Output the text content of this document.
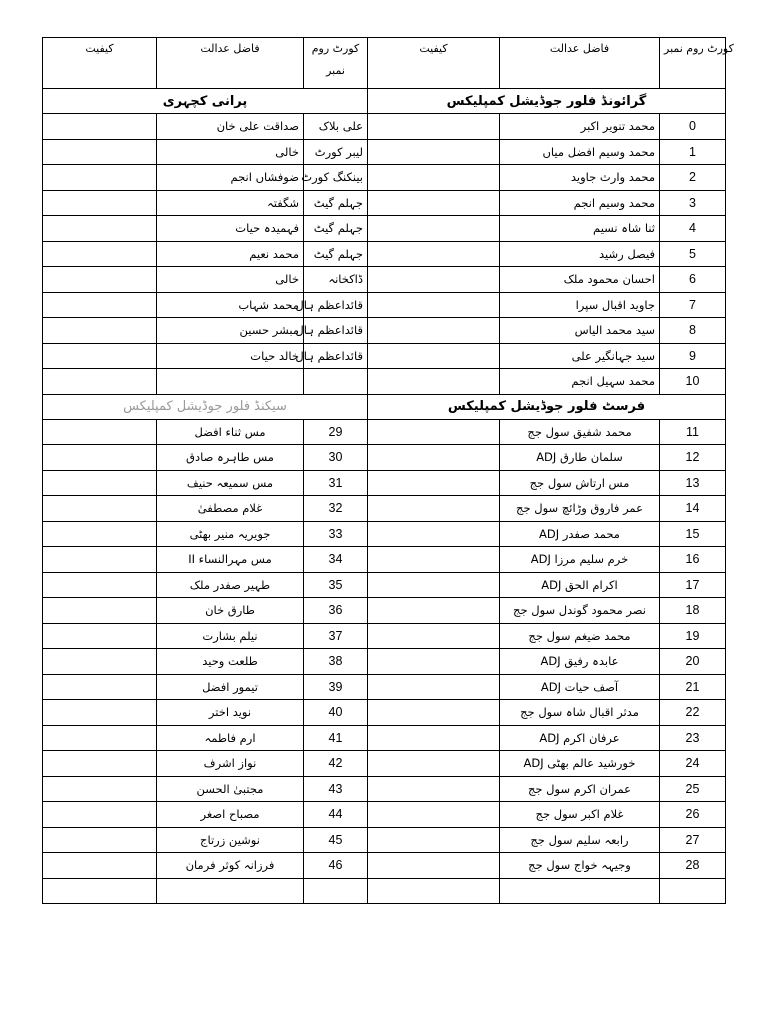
کیفیت	فاضل عدالت	کورٹ روم نمبر	کیفیت	فاضل عدالت	کورٹ روم نمبر
پرانی کچہری			گرائونڈ فلور جوڈیشل کمپلیکس		
	صداقت علی خان	علی بلاک		محمد تنویر اکبر	0
	خالی	لیبر کورٹ		محمد وسیم افضل میاں	1
	ضوفشاں انجم	بینکنگ کورٹ		محمد وارث جاوید	2
	شگفتہ	جہلم گیٹ		محمد وسیم انجم	3
	فہمیدہ حیات	جہلم گیٹ		ثنا شاہ نسیم	4
	محمد نعیم	جہلم گیٹ		فیصل رشید	5
	خالی	ڈاکخانہ		احسان محمود ملک	6
	محمد شہاب	قائداعظم ہال		جاوید اقبال سپرا	7
	مبشر حسین	قائداعظم ہال		سید محمد الیاس	8
	خالد حیات	قائداعظم ہال		سید جہانگیر علی	9
				محمد سہیل انجم	10
سیکنڈ فلور جوڈیشل کمپلیکس			فرسٹ فلور جوڈیشل کمپلیکس		
	مس ثناء افضل	29		محمد شفیق سول جج	11
	مس طاہرہ صادق	30		سلمان طارق ADJ	12
	مس سمیعہ حنیف	31		مس ارتاش سول جج	13
	غلام مصطفیٰ	32		عمر فاروق وڑائچ سول جج	14
	جویریہ منیر بھٹی	33		محمد صفدر ADJ	15
	مس مہرالنساء II	34		خرم سلیم مرزا ADJ	16
	طہیر صفدر ملک	35		اکرام الحق ADJ	17
	طارق خان	36		نصر محمود گوندل سول جج	18
	نیلم بشارت	37		محمد ضیغم سول جج	19
	طلعت وحید	38		عابدہ رفیق ADJ	20
	تیمور افضل	39		آصف حیات ADJ	21
	نوید اختر	40		مدثر اقبال شاہ سول جج	22
	ارم فاطمہ	41		عرفان اکرم ADJ	23
	نواز اشرف	42		خورشید عالم بھٹی ADJ	24
	مجتبیٰ الحسن	43		عمران اکرم سول جج	25
	مصباح اصغر	44		غلام اکبر سول جج	26
	نوشین زرتاج	45		رابعہ سلیم سول جج	27
	فرزانہ کوثر فرمان	46		وجیہہ خواج سول جج	28
